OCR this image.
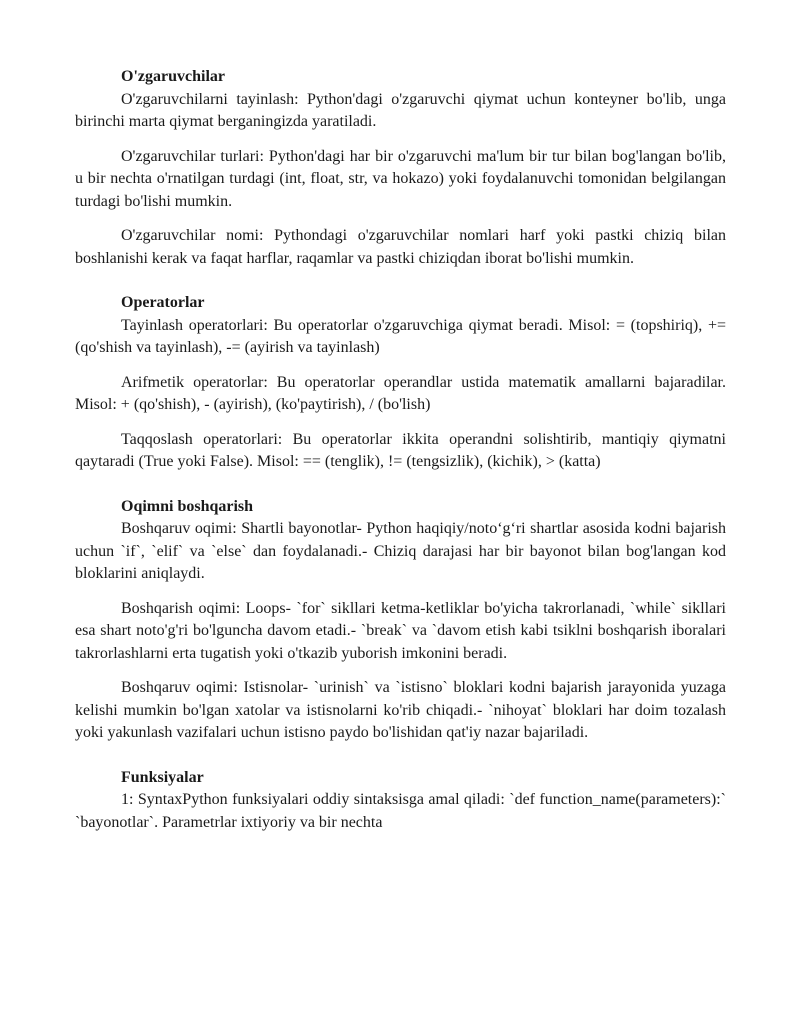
O'zgaruvchilar

O'zgaruvchilarni tayinlash: Python'dagi o'zgaruvchi qiymat uchun konteyner bo'lib, unga birinchi marta qiymat berganingizda yaratiladi.

O'zgaruvchilar turlari: Python'dagi har bir o'zgaruvchi ma'lum bir tur bilan bog'langan bo'lib, u bir nechta o'rnatilgan turdagi (int, float, str, va hokazo) yoki foydalanuvchi tomonidan belgilangan turdagi bo'lishi mumkin.

O'zgaruvchilar nomi: Pythondagi o'zgaruvchilar nomlari harf yoki pastki chiziq bilan boshlanishi kerak va faqat harflar, raqamlar va pastki chiziqdan iborat bo'lishi mumkin.

Operatorlar

Tayinlash operatorlari: Bu operatorlar o'zgaruvchiga qiymat beradi. Misol: = (topshiriq), += (qo'shish va tayinlash), -= (ayirish va tayinlash)

Arifmetik operatorlar: Bu operatorlar operandlar ustida matematik amallarni bajaradilar. Misol: + (qo'shish), - (ayirish), (ko'paytirish), / (bo'lish)

Taqqoslash operatorlari: Bu operatorlar ikkita operandni solishtirib, mantiqiy qiymatni qaytaradi (True yoki False). Misol: == (tenglik), != (tengsizlik), (kichik), > (katta)

Oqimni boshqarish

Boshqaruv oqimi: Shartli bayonotlar- Python haqiqiy/noto‘g‘ri shartlar asosida kodni bajarish uchun `if`, `elif` va `else` dan foydalanadi.- Chiziq darajasi har bir bayonot bilan bog'langan kod bloklarini aniqlaydi.

Boshqarish oqimi: Loops- `for` sikllari ketma-ketliklar bo'yicha takrorlanadi, `while` sikllari esa shart noto'g'ri bo'lguncha davom etadi.- `break` va `davom etish kabi tsiklni boshqarish iboralari takrorlashlarni erta tugatish yoki o'tkazib yuborish imkonini beradi.

Boshqaruv oqimi: Istisnolar- `urinish` va `istisno` bloklari kodni bajarish jarayonida yuzaga kelishi mumkin bo'lgan xatolar va istisnolarni ko'rib chiqadi.- `nihoyat` bloklari har doim tozalash yoki yakunlash vazifalari uchun istisno paydo bo'lishidan qat'iy nazar bajariladi.

Funksiyalar

1: SyntaxPython funksiyalari oddiy sintaksisga amal qiladi: `def function_name(parameters):` `bayonotlar`. Parametrlar ixtiyoriy va bir nechta
